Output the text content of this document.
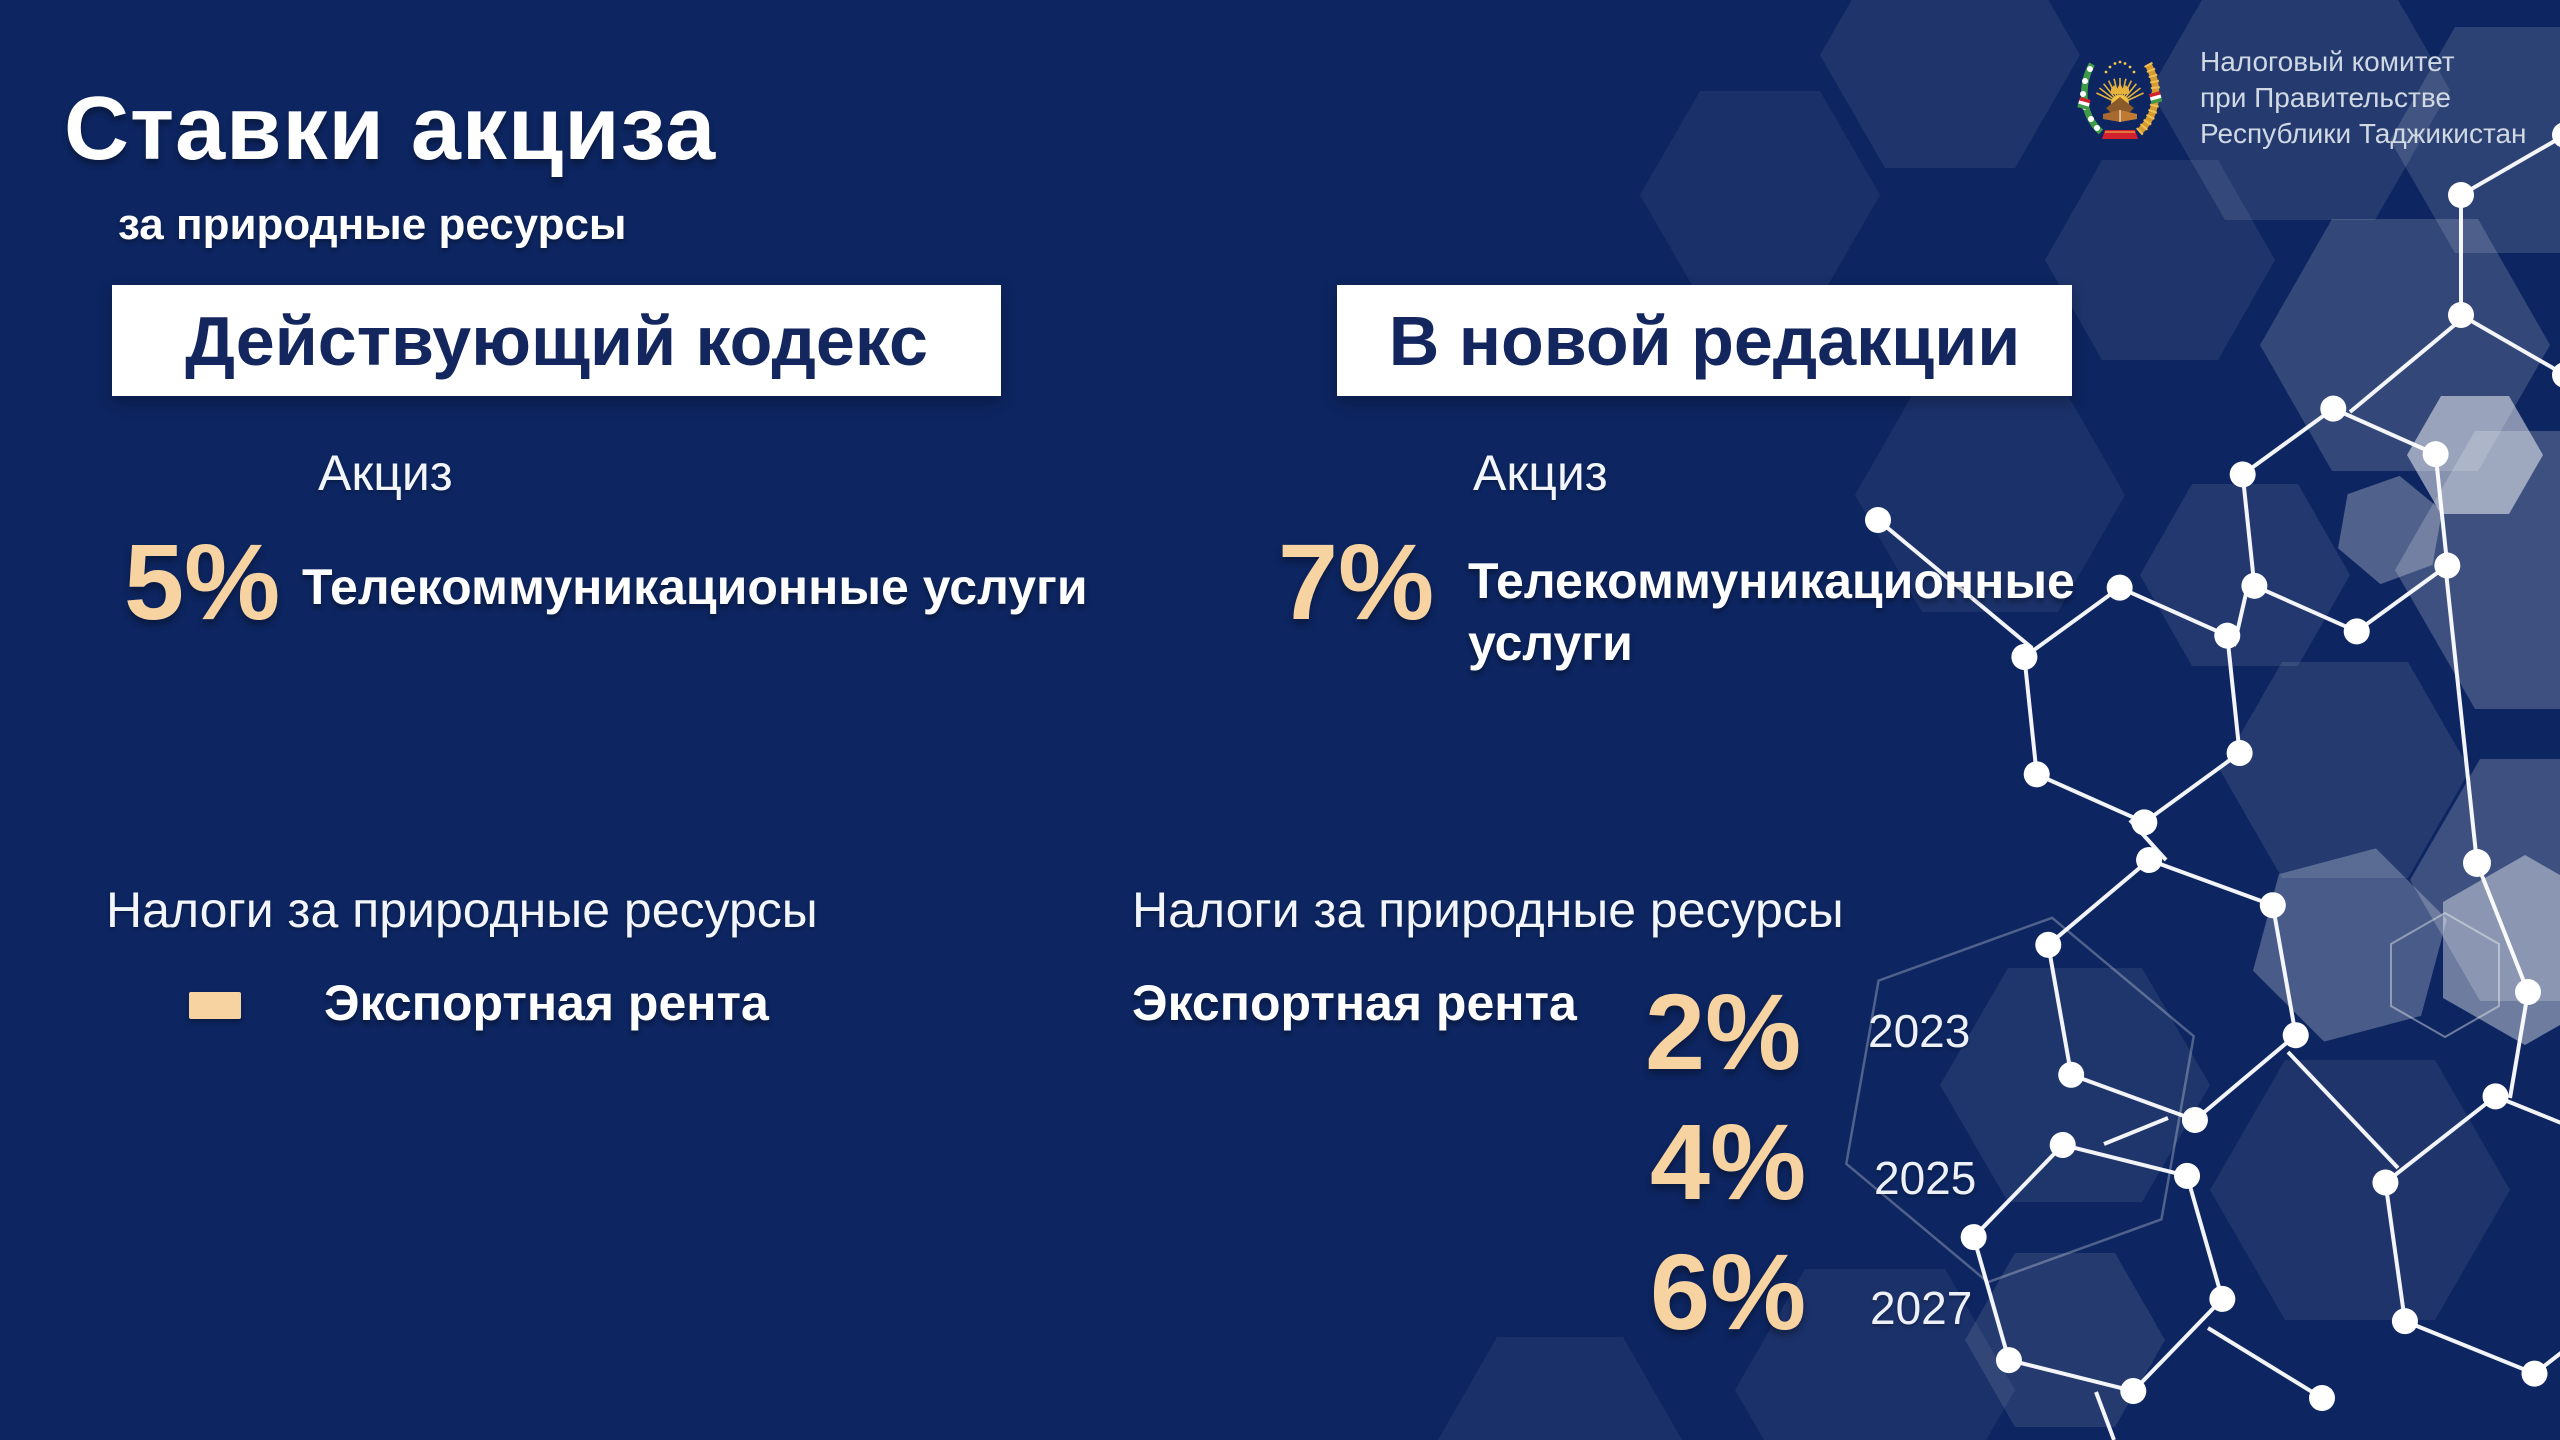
Ставки акциза
за природные ресурсы
Налоговый комитет
при Правительстве
Республики Таджикистан
Действующий кодекс	В новой редакции
Акциз
5% Телекоммуникационные услуги
Акциз
7% Телекоммуникационные услуги
Налоги за природные ресурсы
Экспортная рента
Налоги за природные ресурсы
Экспортная рента 2% 2023
4% 2025
6% 2027
